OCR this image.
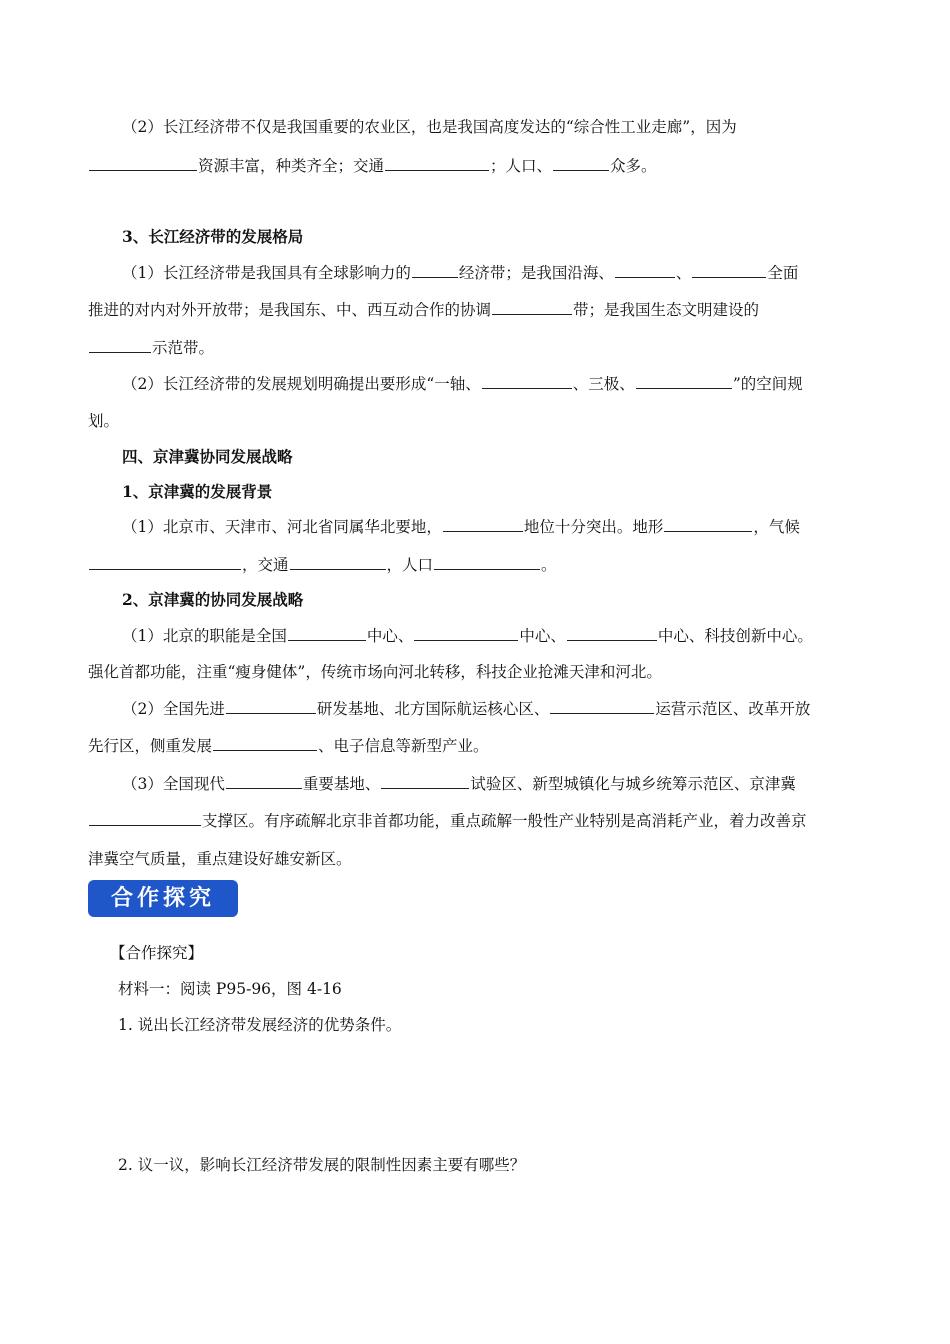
（2）长江经济带不仅是我国重要的农业区，也是我国高度发达的“综合性工业走廊”，因为
资源丰富，种类齐全；交通	；人口、	众多。
3、长江经济带的发展格局
（1）长江经济带是我国具有全球影响力的	经济带；是我国沿海、	、	全面
推进的对内对外开放带；是我国东、中、西互动合作的协调	带；是我国生态文明建设的
示范带。
（2）长江经济带的发展规划明确提出要形成“一轴、	、三极、	”的空间规
划。
四、京津冀协同发展战略
1、京津冀的发展背景
（1）北京市、天津市、河北省同属华北要地，	地位十分突出。地形	，气候
，交通	，人口	。
2、京津冀的协同发展战略
（1）北京的职能是全国	中心、	中心、	中心、科技创新中心。
强化首都功能，注重“瘦身健体”，传统市场向河北转移，科技企业抢滩天津和河北。
（2）全国先进	研发基地、北方国际航运核心区、	运营示范区、改革开放
先行区，侧重发展	、电子信息等新型产业。
（3）全国现代	重要基地、	试验区、新型城镇化与城乡统筹示范区、京津冀
支撑区。有序疏解北京非首都功能，重点疏解一般性产业特别是高消耗产业，着力改善京
津冀空气质量，重点建设好雄安新区。
合作探究
【合作探究】
材料一：阅读 P95-96，图 4-16
1. 说出长江经济带发展经济的优势条件。
2. 议一议，影响长江经济带发展的限制性因素主要有哪些？
